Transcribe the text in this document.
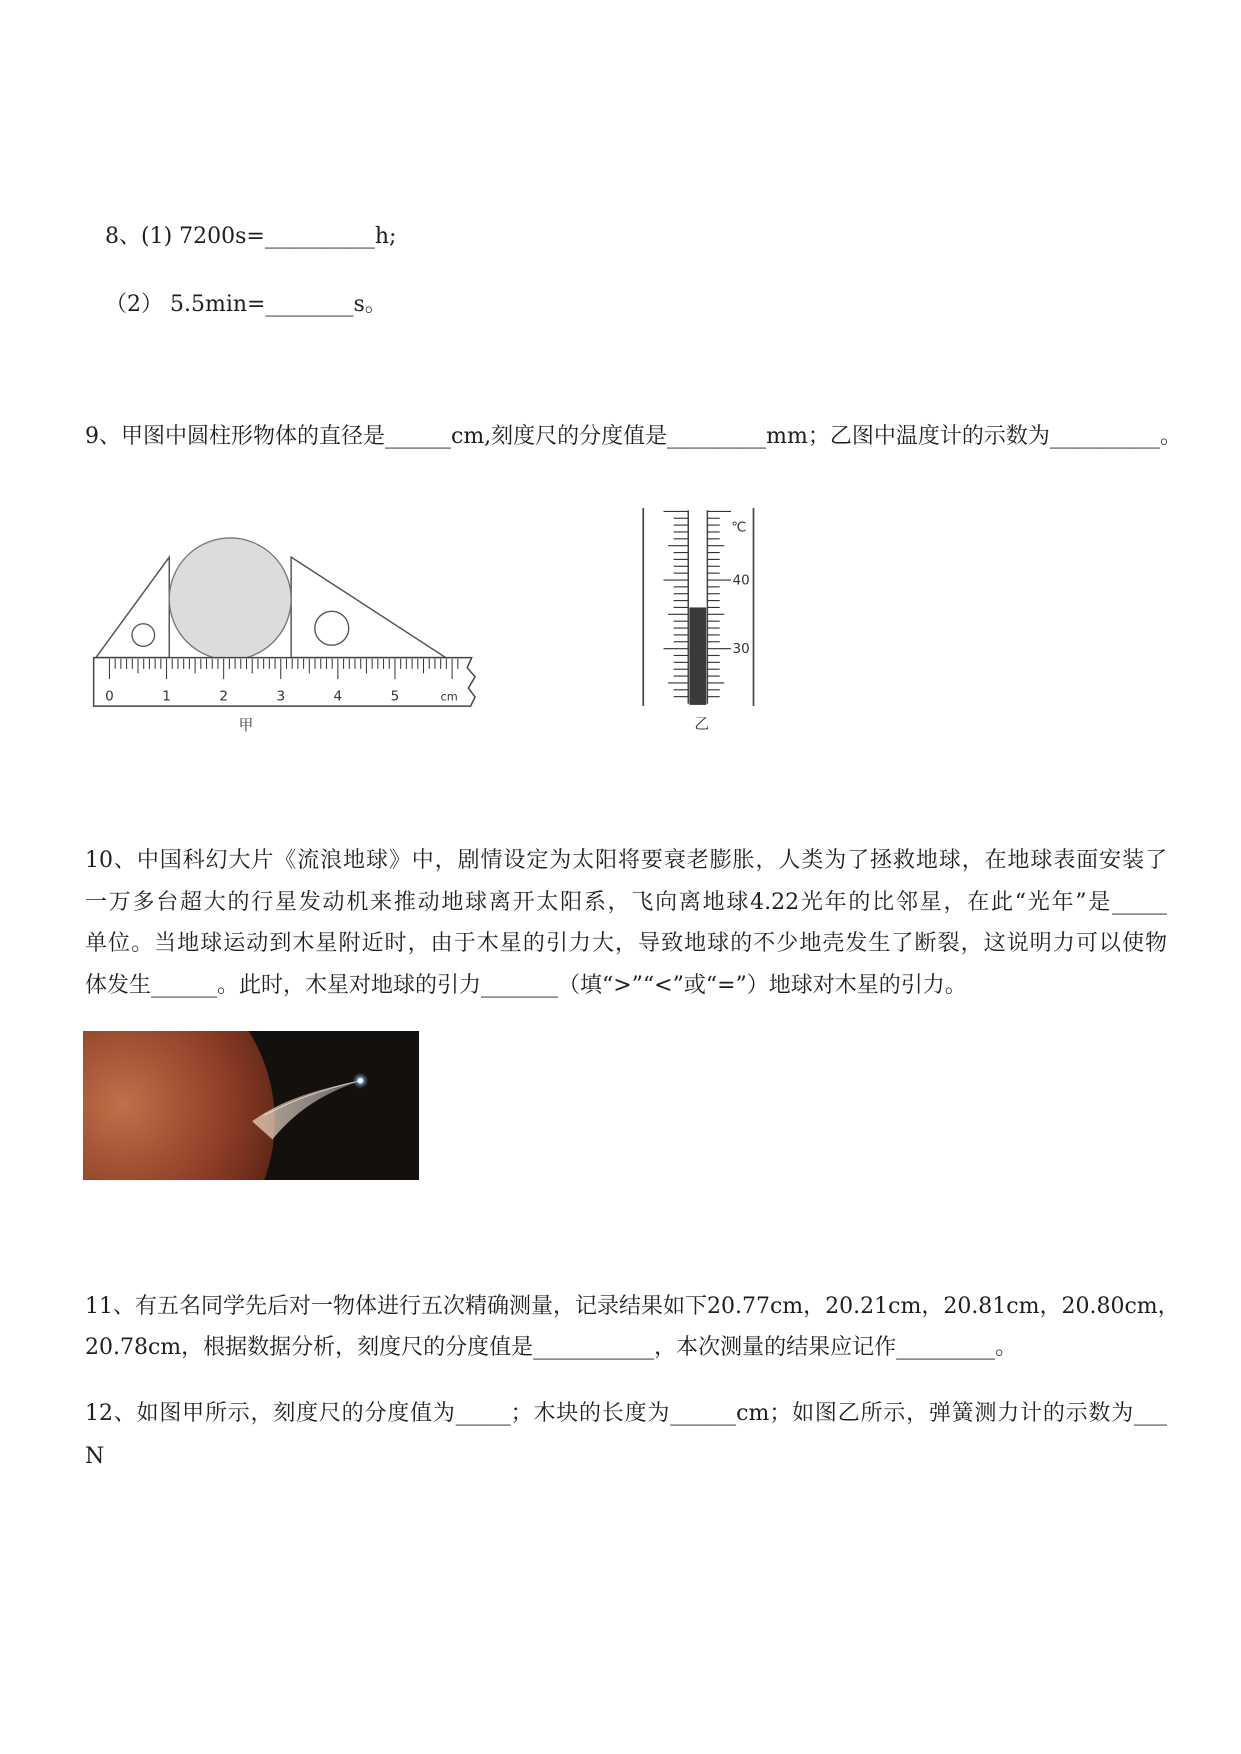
8、(1) 7200s=__________h;
（2） 5.5min=________s。
9、甲图中圆柱形物体的直径是______cm,刻度尺的分度值是_________mm；乙图中温度计的示数为__________。
0	1	2	3	4	5	cm
甲
℃
40
30
乙
10、中国科幻大片《流浪地球》中，剧情设定为太阳将要衰老膨胀，人类为了拯救地球，在地球表面安装了
一万多台超大的行星发动机来推动地球离开太阳系，飞向离地球4.22光年的比邻星，在此“光年”是_____
单位。当地球运动到木星附近时，由于木星的引力大，导致地球的不少地壳发生了断裂，这说明力可以使物
体发生______。此时，木星对地球的引力_______（填“>”“<”或“=”）地球对木星的引力。
11、有五名同学先后对一物体进行五次精确测量，记录结果如下20.77cm，20.21cm，20.81cm，20.80cm，
20.78cm，根据数据分析，刻度尺的分度值是___________，本次测量的结果应记作_________。
12、如图甲所示，刻度尺的分度值为_____；木块的长度为______cm；如图乙所示，弹簧测力计的示数为___
N
